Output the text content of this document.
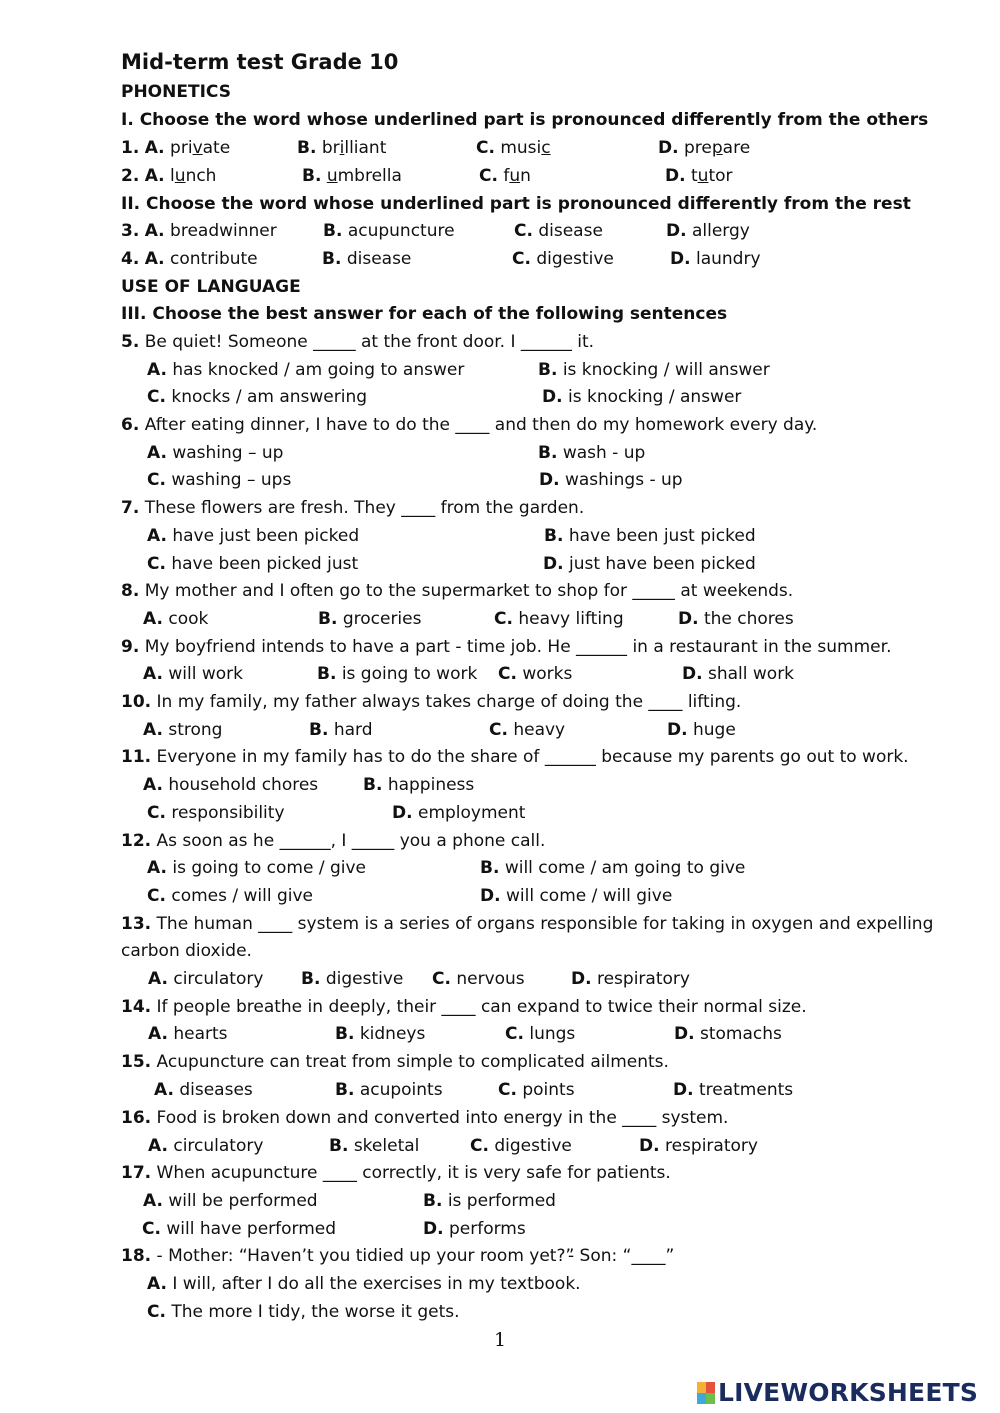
Mid-term test Grade 10
PHONETICS
I. Choose the word whose underlined part is pronounced differently from the others
1. A. private	B. brilliant	C. music	D. prepare
2. A. lunch	B. umbrella	C. fun	D. tutor
II. Choose the word whose underlined part is pronounced differently from the rest
3. A. breadwinner	B. acupuncture	C. disease	D. allergy
4. A. contribute	B. disease	C. digestive	D. laundry
USE OF LANGUAGE
III. Choose the best answer for each of the following sentences
5. Be quiet! Someone _____ at the front door. I ______ it.
A. has knocked / am going to answer	B. is knocking / will answer
C. knocks / am answering	D. is knocking / answer
6. After eating dinner, I have to do the ____ and then do my homework every day.
A. washing – up	B. wash - up
C. washing – ups	D. washings - up
7. These flowers are fresh. They ____ from the garden.
A. have just been picked	B. have been just picked
C. have been picked just	D. just have been picked
8. My mother and I often go to the supermarket to shop for _____ at weekends.
A. cook	B. groceries	C. heavy lifting	D. the chores
9. My boyfriend intends to have a part - time job. He ______ in a restaurant in the summer.
A. will work	B. is going to work C. works	D. shall work
10. In my family, my father always takes charge of doing the ____ lifting.
A. strong	B. hard	C. heavy	D. huge
11. Everyone in my family has to do the share of ______ because my parents go out to work.
A. household chores	B. happiness
C. responsibility	D. employment
12. As soon as he ______, I _____ you a phone call.
A. is going to come / give	B. will come / am going to give
C. comes / will give	D. will come / will give
13. The human ____ system is a series of organs responsible for taking in oxygen and expelling
carbon dioxide.
A. circulatory B. digestive C. nervous	D. respiratory
14. If people breathe in deeply, their ____ can expand to twice their normal size.
A. hearts	B. kidneys	C. lungs	D. stomachs
15. Acupuncture can treat from simple to complicated ailments.
A. diseases	B. acupoints	C. points	D. treatments
16. Food is broken down and converted into energy in the ____ system.
A. circulatory	B. skeletal	C. digestive	D. respiratory
17. When acupuncture ____ correctly, it is very safe for patients.
A. will be performed	B. is performed
C. will have performed	D. performs
18. - Mother: “Haven’t you tidied up your room yet?”
- Son: “____”
A. I will, after I do all the exercises in my textbook.
C. The more I tidy, the worse it gets.
1
LIVEWORKSHEETS
